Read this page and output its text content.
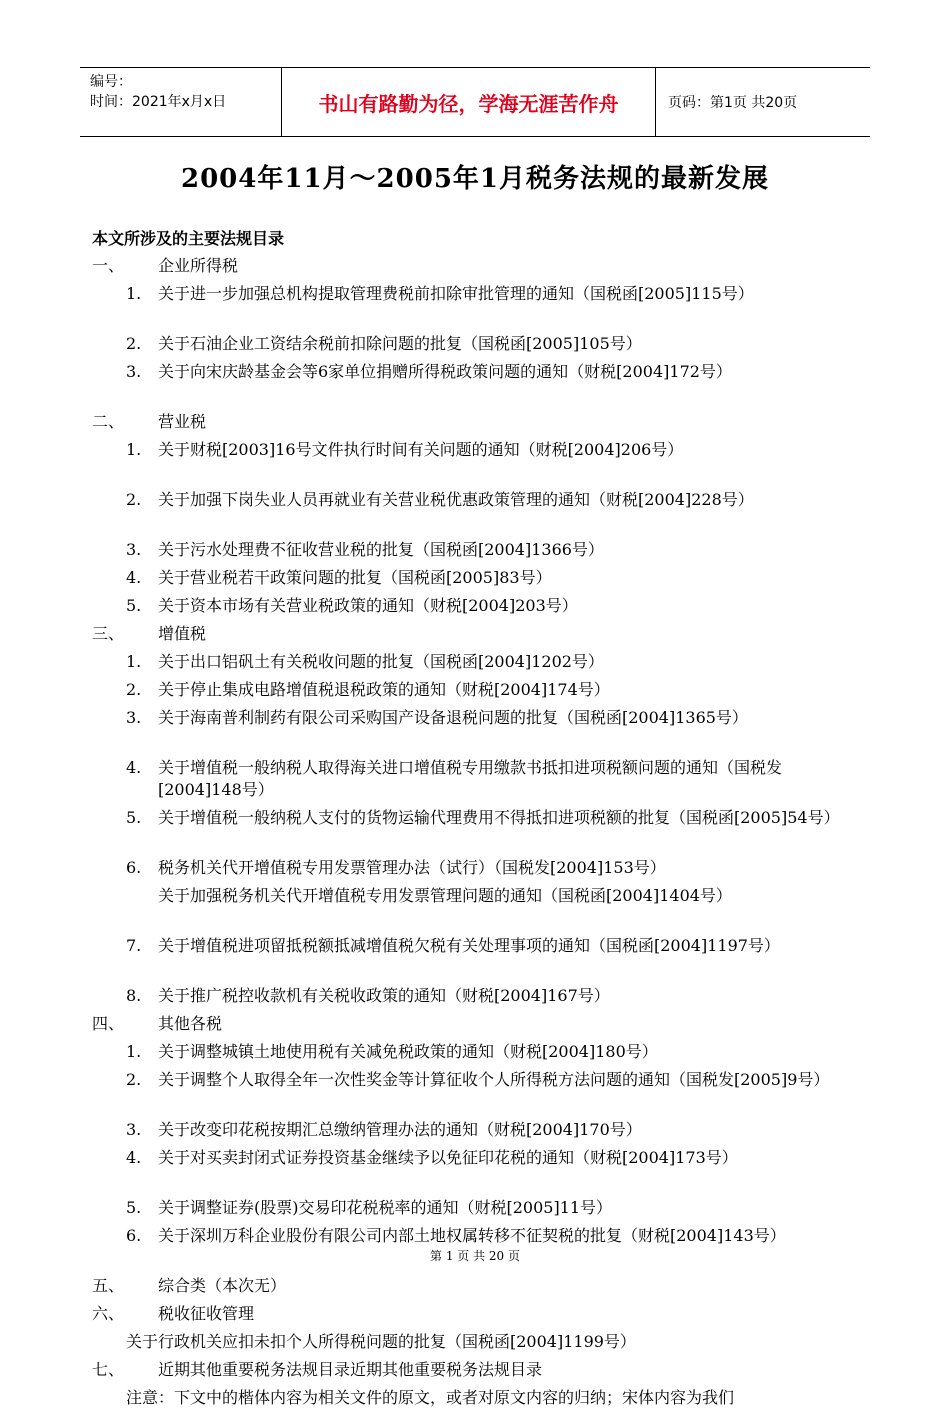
编号：
时间：2021年x月x日	书山有路勤为径，学海无涯苦作舟	页码：第1页 共20页
2004年11月～2005年1月税务法规的最新发展
本文所涉及的主要法规目录
一、	企业所得税
1.	关于进一步加强总机构提取管理费税前扣除审批管理的通知（国税函[2005]115号）
2.	关于石油企业工资结余税前扣除问题的批复（国税函[2005]105号）
3.	关于向宋庆龄基金会等6家单位捐赠所得税政策问题的通知（财税[2004]172号）
二、	营业税
1.	关于财税[2003]16号文件执行时间有关问题的通知（财税[2004]206号）
2.	关于加强下岗失业人员再就业有关营业税优惠政策管理的通知（财税[2004]228号）
3.	关于污水处理费不征收营业税的批复（国税函[2004]1366号）
4.	关于营业税若干政策问题的批复（国税函[2005]83号）
5.	关于资本市场有关营业税政策的通知（财税[2004]203号）
三、	增值税
1.	关于出口铝矾土有关税收问题的批复（国税函[2004]1202号）
2.	关于停止集成电路增值税退税政策的通知（财税[2004]174号）
3.	关于海南普利制药有限公司采购国产设备退税问题的批复（国税函[2004]1365号）
4.	关于增值税一般纳税人取得海关进口增值税专用缴款书抵扣进项税额问题的通知（国税发[2004]148号）
5.	关于增值税一般纳税人支付的货物运输代理费用不得抵扣进项税额的批复（国税函[2005]54号）
6.	税务机关代开增值税专用发票管理办法（试行）（国税发[2004]153号）
关于加强税务机关代开增值税专用发票管理问题的通知（国税函[2004]1404号）
7.	关于增值税进项留抵税额抵减增值税欠税有关处理事项的通知（国税函[2004]1197号）
8.	关于推广税控收款机有关税收政策的通知（财税[2004]167号）
四、	其他各税
1.	关于调整城镇土地使用税有关减免税政策的通知（财税[2004]180号）
2.	关于调整个人取得全年一次性奖金等计算征收个人所得税方法问题的通知（国税发[2005]9号）
3.	关于改变印花税按期汇总缴纳管理办法的通知（财税[2004]170号）
4.	关于对买卖封闭式证券投资基金继续予以免征印花税的通知（财税[2004]173号）
5.	关于调整证券(股票)交易印花税税率的通知（财税[2005]11号）
6.	关于深圳万科企业股份有限公司内部土地权属转移不征契税的批复（财税[2004]143号）
五、	综合类（本次无）
六、	税收征收管理
关于行政机关应扣未扣个人所得税问题的批复（国税函[2004]1199号）
七、	近期其他重要税务法规目录近期其他重要税务法规目录
注意：下文中的楷体内容为相关文件的原文，或者对原文内容的归纳；宋体内容为我们
第 1 页 共 20 页
